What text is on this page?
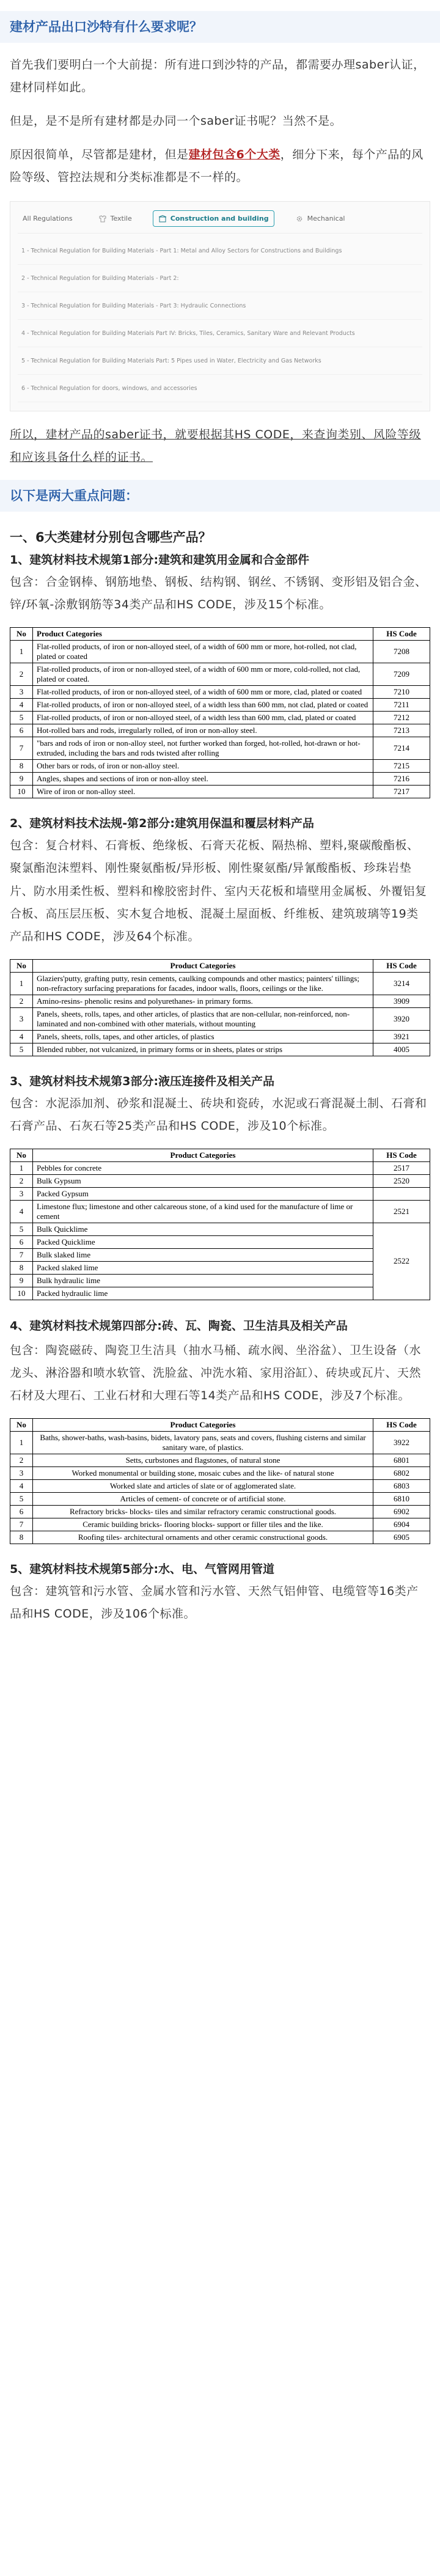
建材产品出口沙特有什么要求呢？

首先我们要明白一个大前提：所有进口到沙特的产品，都需要办理saber认证，建材同样如此。

但是，是不是所有建材都是办同一个saber证书呢？当然不是。

原因很简单，尽管都是建材，但是建材包含6个大类，细分下来，每个产品的风险等级、管控法规和分类标准都是不一样的。

All Regulations	Textile	Construction and building	Mechanical
1 - Technical Regulation for Building Materials - Part 1: Metal and Alloy Sectors for Constructions and Buildings
2 - Technical Regulation for Building Materials - Part 2:
3 - Technical Regulation for Building Materials - Part 3: Hydraulic Connections
4 - Technical Regulation for Building Materials Part IV: Bricks, Tiles, Ceramics, Sanitary Ware and Relevant Products
5 - Technical Regulation for Building Materials Part: 5 Pipes used in Water, Electricity and Gas Networks
6 - Technical Regulation for doors, windows, and accessories

所以，建材产品的saber证书，就要根据其HS CODE，来查询类别、风险等级和应该具备什么样的证书。

以下是两大重点问题：
一、6大类建材分别包含哪些产品？
1、建筑材料技术规第1部分:建筑和建筑用金属和合金部件

包含：合金钢棒、钢筋地垫、钢板、结构钢、钢丝、不锈钢、变形铝及铝合金、锌/环氧-涂敷钢筋等34类产品和HS CODE，涉及15个标准。

No	Product Categories	HS Code
1	Flat-rolled products, of iron or non-alloyed steel, of a width of 600 mm or more, hot-rolled, not clad, plated or coated	7208
2	Flat-rolled products, of iron or non-alloyed steel, of a width of 600 mm or more, cold-rolled, not clad, plated or coated.	7209
3	Flat-rolled products, of iron or non-alloyed steel, of a width of 600 mm or more, clad, plated or coated	7210
4	Flat-rolled products, of iron or non-alloyed steel, of a width less than 600 mm, not clad, plated or coated	7211
5	Flat-rolled products, of iron or non-alloyed steel, of a width less than 600 mm, clad, plated or coated	7212
6	Hot-rolled bars and rods, irregularly rolled, of iron or non-alloy steel.	7213
7	"bars and rods of iron or non-alloy steel, not further worked than forged, hot-rolled, hot-drawn or hot-extruded, including the bars and rods twisted after rolling	7214
8	Other bars or rods, of iron or non-alloy steel.	7215
9	Angles, shapes and sections of iron or non-alloy steel.	7216
10	Wire of iron or non-alloy steel.	7217
2、建筑材料技术法规-第2部分:建筑用保温和覆层材料产品

包含：复合材料、石膏板、绝缘板、石膏天花板、隔热棉、塑料,聚碳酸酯板、聚氯酯泡沫塑料、刚性聚氨酯板/异形板、刚性聚氨酯/异氰酸酯板、珍珠岩垫片、防水用柔性板、塑料和橡胶密封件、室内天花板和墙壁用金属板、外覆铝复合板、高压层压板、实木复合地板、混凝土屋面板、纤维板、建筑玻璃等19类产品和HS CODE，涉及64个标准。

No	Product Categories	HS Code
1	Glaziers'putty, grafting putty, resin cements, caulking compounds and other mastics; painters' tillings; non-refractory surfacing preparations for facades, indoor walls, floors, ceilings or the like.	3214
2	Amino-resins- phenolic resins and polyurethanes- in primary forms.	3909
3	Panels, sheets, rolls, tapes, and other articles, of plastics that are non-cellular, non-reinforced, non-laminated and non-combined with other materials, without mounting	3920
4	Panels, sheets, rolls, tapes, and other articles, of plastics	3921
5	Blended rubber, not vulcanized, in primary forms or in sheets, plates or strips	4005
3、建筑材料技术规第3部分:液压连接件及相关产品

包含：水泥添加剂、砂浆和混凝土、砖块和瓷砖，水泥或石膏混凝土制、石膏和石膏产品、石灰石等25类产品和HS CODE，涉及10个标准。

No	Product Categories	HS Code
1	Pebbles for concrete	2517
2	Bulk Gypsum	2520
3	Packed Gypsum	
4	Limestone flux; limestone and other calcareous stone, of a kind used for the manufacture of lime or cement	2521
5	Bulk Quicklime	2522
6	Packed Quicklime	
7	Bulk slaked lime	
8	Packed slaked lime	
9	Bulk hydraulic lime	
10	Packed hydraulic lime	
4、建筑材料技术规第四部分:砖、瓦、陶瓷、卫生洁具及相关产品

包含：陶瓷磁砖、陶瓷卫生洁具（抽水马桶、疏水阀、坐浴盆）、卫生设备（水龙头、淋浴器和喷水软管、洗脸盆、冲洗水箱、家用浴缸）、砖块或瓦片、天然石材及大理石、工业石材和大理石等14类产品和HS CODE，涉及7个标准。

No	Product Categories	HS Code
1	Baths, shower-baths, wash-basins, bidets, lavatory pans, seats and covers, flushing cisterns and similar sanitary ware, of plastics.	3922
2	Setts, curbstones and flagstones, of natural stone	6801
3	Worked monumental or building stone, mosaic cubes and the like- of natural stone	6802
4	Worked slate and articles of slate or of agglomerated slate.	6803
5	Articles of cement- of concrete or of artificial stone.	6810
6	Refractory bricks- blocks- tiles and similar refractory ceramic constructional goods.	6902
7	Ceramic building bricks- flooring blocks- support or filler tiles and the like.	6904
8	Roofing tiles- architectural ornaments and other ceramic constructional goods.	6905
5、建筑材料技术规第5部分:水、电、气管网用管道

包含：建筑管和污水管、金属水管和污水管、天然气铝伸管、电缆管等16类产品和HS CODE，涉及106个标准。
